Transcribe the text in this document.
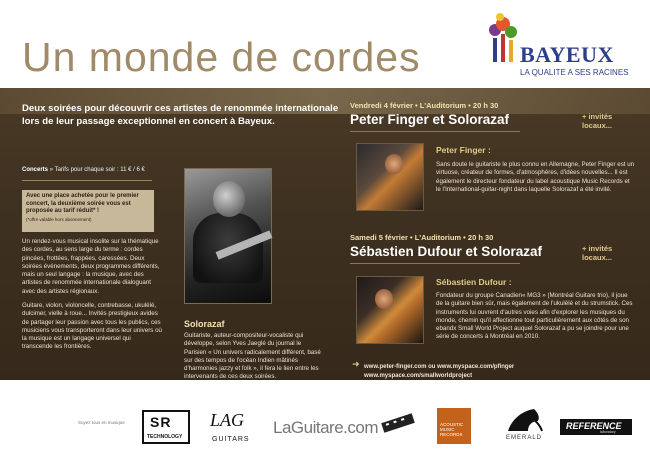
Un monde de cordes	BAYEUX
LA QUALITE A SES RACINES
Deux soirées pour découvrir ces artistes de renommée internationale lors de leur passage exceptionnel en concert à Bayeux.
Concerts » Tarifs pour chaque soir : 11 € / 6 €
Avec une place achetée pour le premier concert, la deuxième soirée vous est proposée au tarif réduit* !
(*offre valable hors abonnement)
Un rendez-vous musical insolite sur la thématique des cordes, au sens large du terme : cordes pincées, frottées, frappées, caressées. Deux soirées événements, deux programmes différents, mais un seul langage : la musique, avec des artistes de renommée internationale dialoguant avec des artistes régionaux.
Guitare, violon, violoncelle, contrebasse, ukulélé, dulcimer, vielle à roue... Invités prestigieux avides de partager leur passion avec tous les publics, ces musiciens vous transporteront dans leur univers où la musique est un langage universel qui transcende les frontières.
Solorazaf
Guitariste, auteur-compositeur-vocaliste qui développe, selon Yves Jaeglé du journal le Parisien « Un univers radicalement différent, basé sur des tempos de l'océan Indien mâtinés d'harmonies jazzy et folk », il fera le lien entre les intervenants de ces deux soirées.
Vendredi 4 février • L'Auditorium • 20 h 30
Peter Finger et Solorazaf	+ invités locaux...
Peter Finger :
Sans doute le guitariste le plus connu en Allemagne, Peter Finger est un virtuose, créateur de formes, d'atmosphères, d'idées nouvelles... Il est également le directeur fondateur du label acoustique Music Records et le l'International-guitar-night dans laquelle Solorazaf a été invité.
Samedi 5 février • L'Auditorium • 20 h 30
Sébastien Dufour et Solorazaf	+ invités locaux...
Sébastien Dufour :
Fondateur du groupe Canadien« MG3 » (Montréal Guitare trio), il joue de la guitare bien sûr, mais également de l'ukulélé et du strumstick. Ces instruments lui ouvrent d'autres voies afin d'explorer les musiques du monde, chemin qu'il affectionne tout particulièrement aux côtés de son ebandx Small World Project auquel Solorazaf a pu se joindre pour une série de concerts à Montréal en 2010.
➜ www.peter-finger.com ou www.myspace.com/pfinger
www.myspace.com/smallworldproject
Soyez tous en musique SR
TECHNOLOGY
LAG
GUITARS
LaGuitare.com	ACOUSTIC MUSIC RECORDS
EMERALD
REFERENCE
laboratory
